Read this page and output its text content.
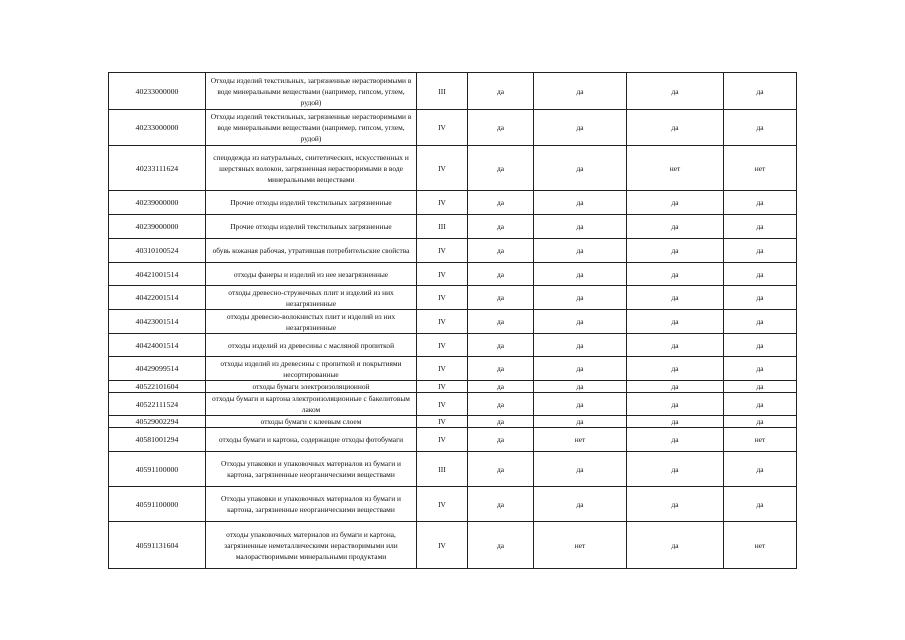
40233000000	Отходы изделий текстильных, загрязненные нерастворимыми в воде минеральными веществами (например, гипсом, углем, рудой)	III	да	да	да	да
40233000000	Отходы изделий текстильных, загрязненные нерастворимыми в воде минеральными веществами (например, гипсом, углем, рудой)	IV	да	да	да	да
40233111624	спецодежда из натуральных, синтетических, искусственных и шерстяных волокон, загрязненная нерастворимыми в воде минеральными веществами	IV	да	да	нет	нет
40239000000	Прочие отходы изделий текстильных загрязненные	IV	да	да	да	да
40239000000	Прочие отходы изделий текстильных загрязненные	III	да	да	да	да
40310100524	обувь кожаная рабочая, утратившая потребительские свойства	IV	да	да	да	да
40421001514	отходы фанеры и изделий из нее незагрязненные	IV	да	да	да	да
40422001514	отходы древесно-стружечных плит и изделий из них незагрязненные	IV	да	да	да	да
40423001514	отходы древесно-волокнистых плит и изделий из них незагрязненные	IV	да	да	да	да
40424001514	отходы изделий из древесины с масляной пропиткой	IV	да	да	да	да
40429099514	отходы изделий из древесины с пропиткой и покрытиями несортированные	IV	да	да	да	да
40522101604	отходы бумаги электроизоляционной	IV	да	да	да	да
40522111524	отходы бумаги и картона электроизоляционные с бакелитовым лаком	IV	да	да	да	да
40529002294	отходы бумаги с клеевым слоем	IV	да	да	да	да
40581001294	отходы бумаги и картона, содержащие отходы фотобумаги	IV	да	нет	да	нет
40591100000	Отходы упаковки и упаковочных материалов из бумаги и картона, загрязненные неорганическими веществами	III	да	да	да	да
40591100000	Отходы упаковки и упаковочных материалов из бумаги и картона, загрязненные неорганическими веществами	IV	да	да	да	да
40591131604	отходы упаковочных материалов из бумаги и картона, загрязненные неметаллическими нерастворимыми или малорастворимыми минеральными продуктами	IV	да	нет	да	нет
